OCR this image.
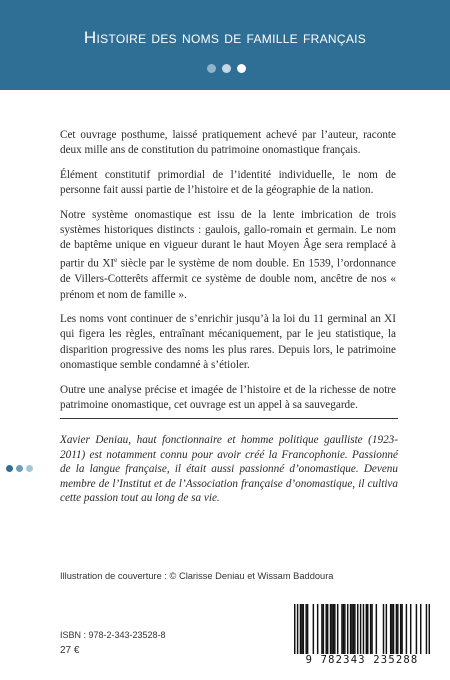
Histoire des noms de famille français

Cet ouvrage posthume, laissé pratiquement achevé par l’auteur, raconte deux mille ans de constitution du patrimoine onomastique français.

Élément constitutif primordial de l’identité individuelle, le nom de personne fait aussi partie de l’histoire et de la géographie de la nation.

Notre système onomastique est issu de la lente imbrication de trois systèmes historiques distincts : gaulois, gallo-romain et germain. Le nom de baptême unique en vigueur durant le haut Moyen Âge sera remplacé à partir du XIe siècle par le système de nom double. En 1539, l’ordonnance de Villers-Cotterêts affermit ce système de double nom, ancêtre de nos « prénom et nom de famille ».

Les noms vont continuer de s’enrichir jusqu’à la loi du 11 germinal an XI qui figera les règles, entraînant mécaniquement, par le jeu statistique, la disparition progressive des noms les plus rares. Depuis lors, le patrimoine onomastique semble condamné à s’étioler.

Outre une analyse précise et imagée de l’histoire et de la richesse de notre patrimoine onomastique, cet ouvrage est un appel à sa sauvegarde.

Xavier Deniau, haut fonctionnaire et homme politique gaulliste (1923-2011) est notamment connu pour avoir créé la Francophonie. Passionné de la langue française, il était aussi passionné d’onomastique. Devenu membre de l’Institut et de l’Association française d’onomastique, il cultiva cette passion tout au long de sa vie.
Illustration de couverture : © Clarisse Deniau et Wissam Baddoura
ISBN : 978-2-343-23528-8
27 €
9 782343 235288
